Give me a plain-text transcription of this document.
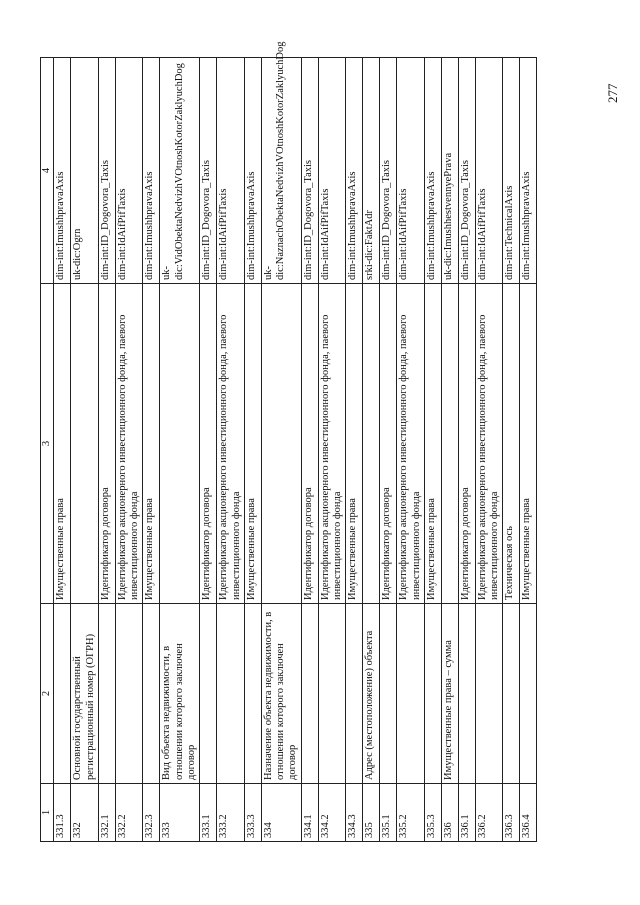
277
1	2	3	4
331.3		Имущественные права	dim-int:ImushhpravaAxis
332	Основной государственный регистрационный номер (ОГРН)		uk-dic:Ogrn
332.1		Идентификатор договора	dim-int:ID_Dogovora_Taxis
332.2		Идентификатор акционерного инвестиционного фонда, паевого инвестиционного фонда	dim-int:IdAifPifTaxis
332.3		Имущественные права	dim-int:ImushhpravaAxis
333	Вид объекта недвижимости, в отношении которого заключен договор		uk-dic:VidObektaNedvizhVOtnoshKotorZaklyuchDog
333.1		Идентификатор договора	dim-int:ID_Dogovora_Taxis
333.2		Идентификатор акционерного инвестиционного фонда, паевого инвестиционного фонда	dim-int:IdAifPifTaxis
333.3		Имущественные права	dim-int:ImushhpravaAxis
334	Назначение объекта недвижимости, в отношении которого заключен договор		uk-dic:NaznachObektaNedvizhVOtnoshKotorZaklyuchDog
334.1		Идентификатор договора	dim-int:ID_Dogovora_Taxis
334.2		Идентификатор акционерного инвестиционного фонда, паевого инвестиционного фонда	dim-int:IdAifPifTaxis
334.3		Имущественные права	dim-int:ImushhpravaAxis
335	Адрес (местоположение) объекта		srki-dic:FaktAdr
335.1		Идентификатор договора	dim-int:ID_Dogovora_Taxis
335.2		Идентификатор акционерного инвестиционного фонда, паевого инвестиционного фонда	dim-int:IdAifPifTaxis
335.3		Имущественные права	dim-int:ImushhpravaAxis
336	Имущественные права – сумма		uk-dic:ImushhestvennyePrava
336.1		Идентификатор договора	dim-int:ID_Dogovora_Taxis
336.2		Идентификатор акционерного инвестиционного фонда, паевого инвестиционного фонда	dim-int:IdAifPifTaxis
336.3		Техническая ось	dim-int:TechnicalAxis
336.4		Имущественные права	dim-int:ImushhpravaAxis
